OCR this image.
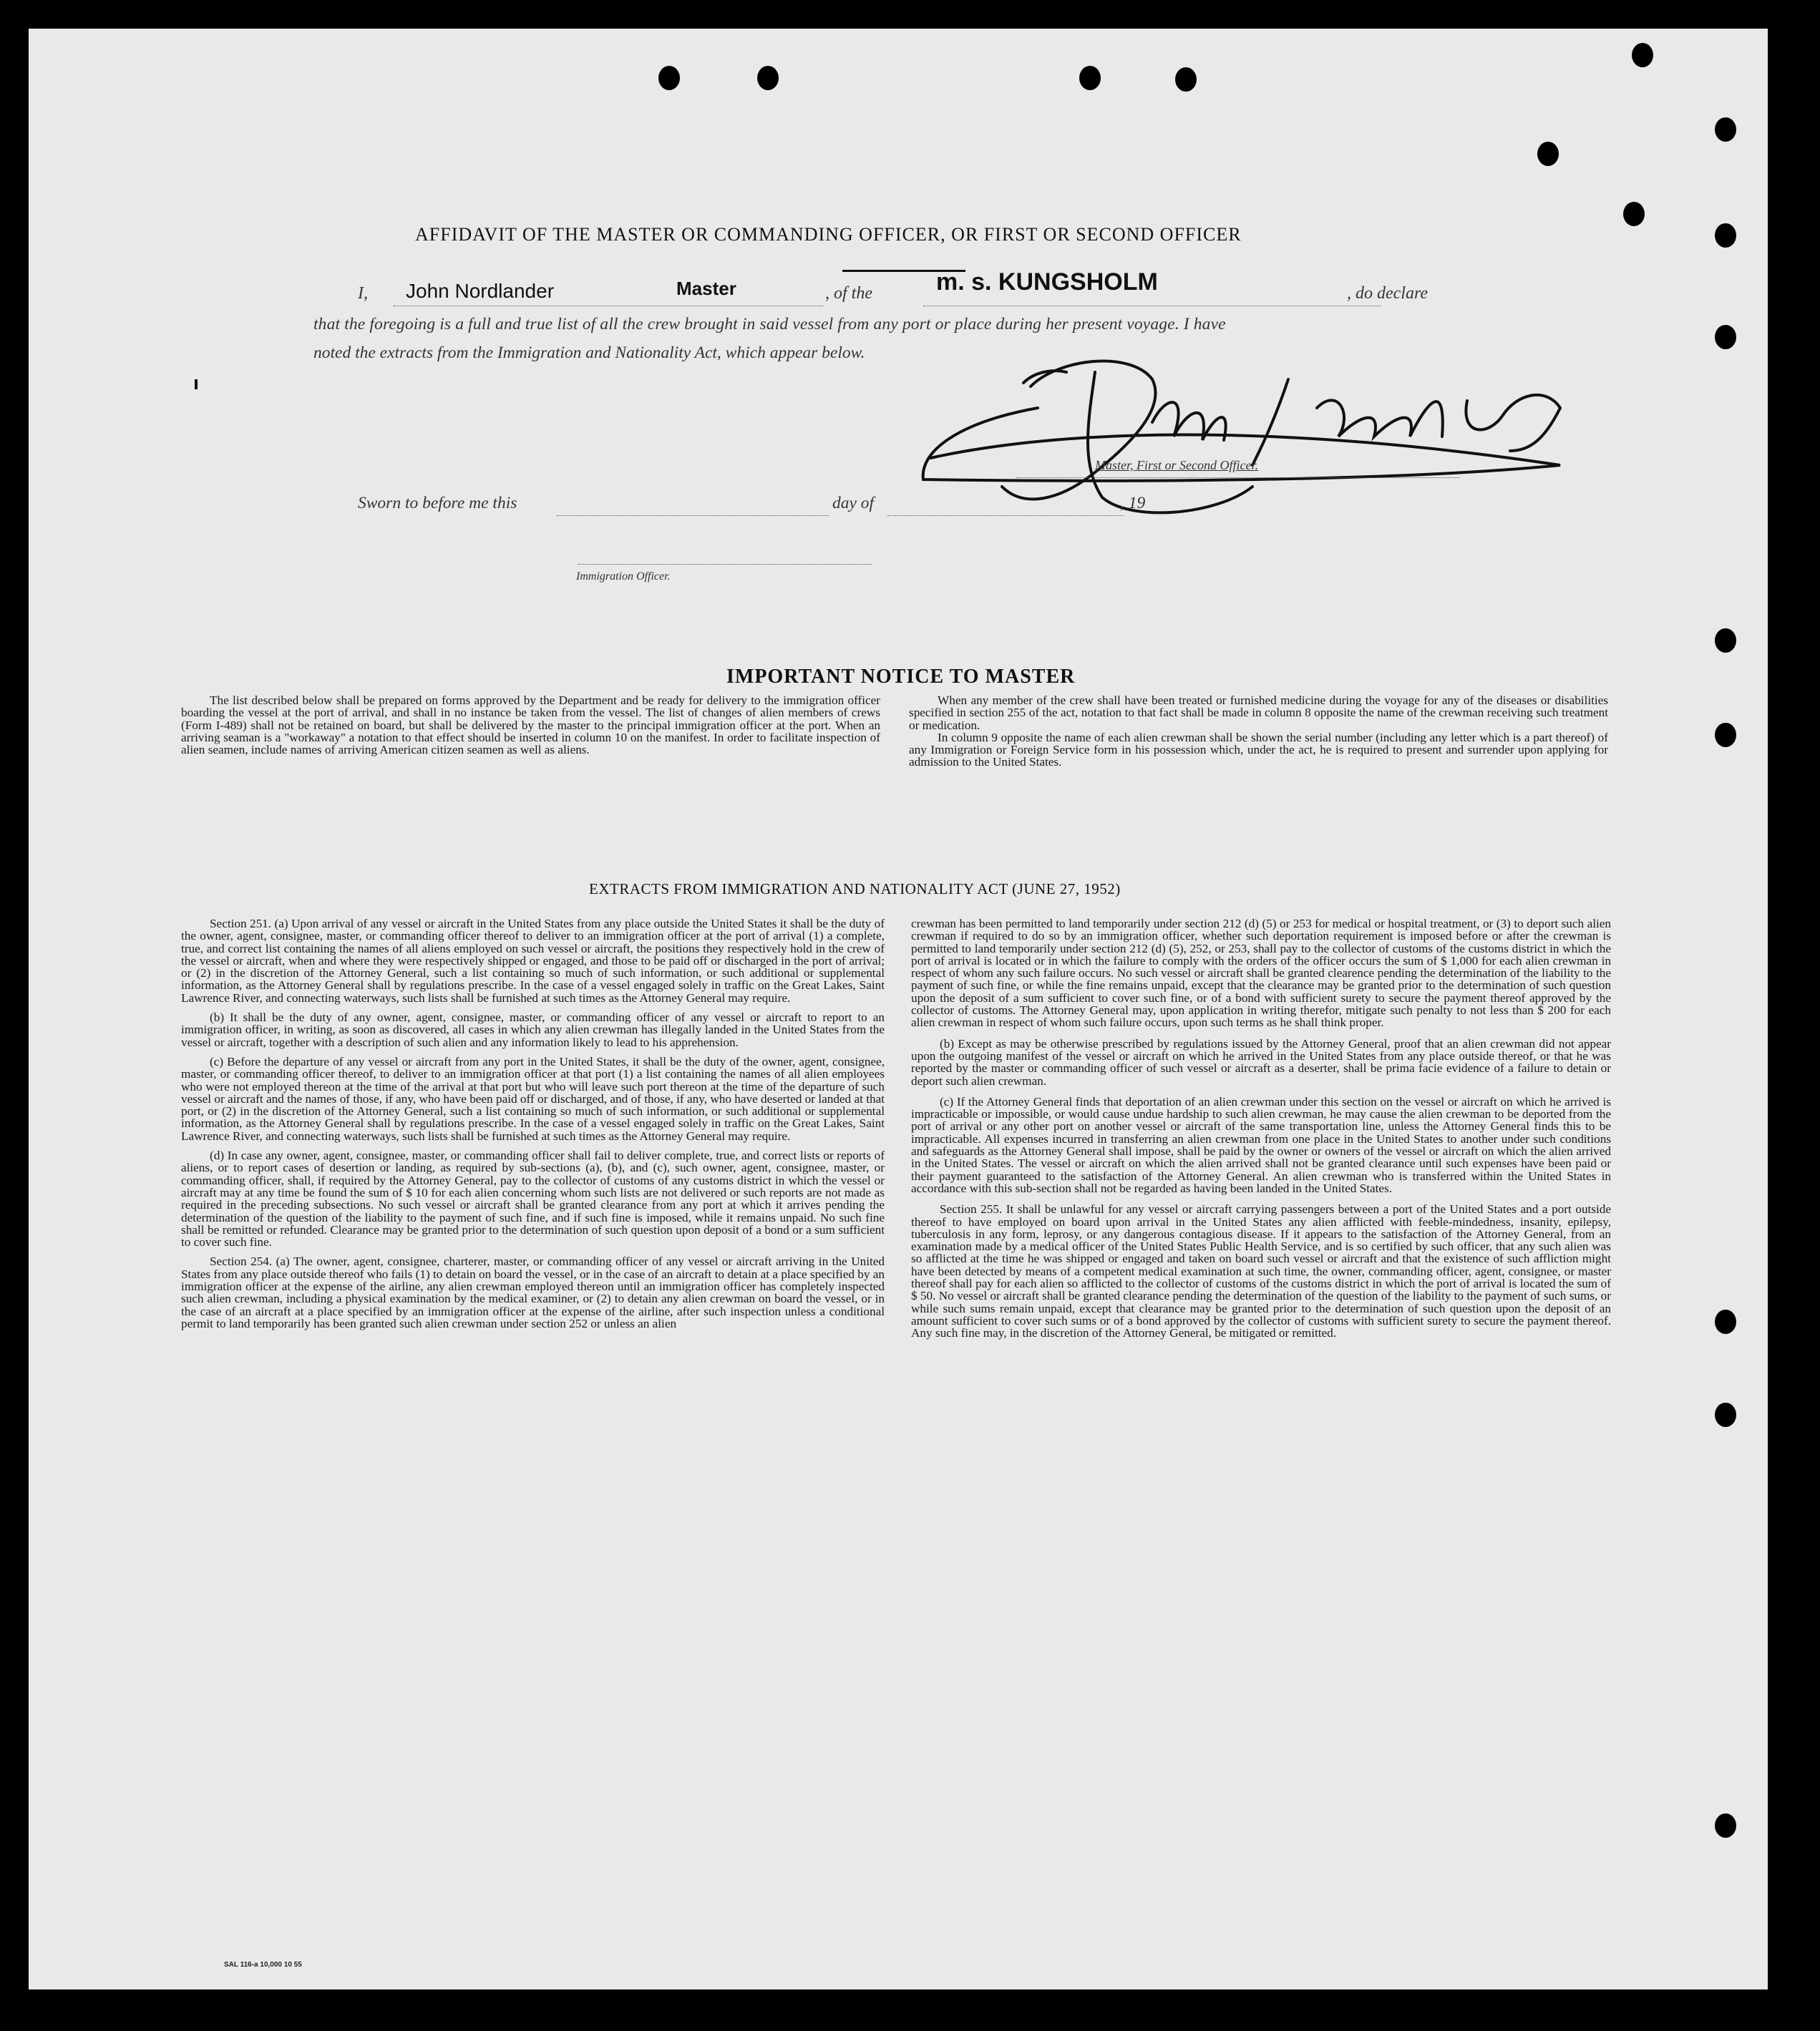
AFFIDAVIT OF THE MASTER OR COMMANDING OFFICER, OR FIRST OR SECOND OFFICER
I, John Nordlander	Master	, of the	m. s. KUNGSHOLM	, do declare
that the foregoing is a full and true list of all the crew brought in said vessel from any port or place during her present voyage. I have
noted the extracts from the Immigration and Nationality Act, which appear below.
Master, First or Second Officer.
Sworn to before me this	day of	, 19
Immigration Officer.
IMPORTANT NOTICE TO MASTER

The list described below shall be prepared on forms approved by the Department and be ready for delivery to the immigration officer boarding the vessel at the port of arrival, and shall in no instance be taken from the vessel. The list of changes of alien members of crews (Form I-489) shall not be retained on board, but shall be delivered by the master to the principal immigration officer at the port. When an arriving seaman is a "workaway" a notation to that effect should be inserted in column 10 on the manifest. In order to facilitate inspection of alien seamen, include names of arriving American citizen seamen as well as aliens.

When any member of the crew shall have been treated or furnished medicine during the voyage for any of the diseases or disabilities specified in section 255 of the act, notation to that fact shall be made in column 8 opposite the name of the crewman receiving such treatment or medication.

In column 9 opposite the name of each alien crewman shall be shown the serial number (including any letter which is a part thereof) of any Immigration or Foreign Service form in his possession which, under the act, he is required to present and surrender upon applying for admission to the United States.

EXTRACTS FROM IMMIGRATION AND NATIONALITY ACT (JUNE 27, 1952)

Section 251. (a) Upon arrival of any vessel or aircraft in the United States from any place outside the United States it shall be the duty of the owner, agent, consignee, master, or commanding officer thereof to deliver to an immigration officer at the port of arrival (1) a complete, true, and correct list containing the names of all aliens employed on such vessel or aircraft, the positions they respectively hold in the crew of the vessel or aircraft, when and where they were respectively shipped or engaged, and those to be paid off or discharged in the port of arrival; or (2) in the discretion of the Attorney General, such a list containing so much of such information, or such additional or supplemental information, as the Attorney General shall by regulations prescribe. In the case of a vessel engaged solely in traffic on the Great Lakes, Saint Lawrence River, and connecting waterways, such lists shall be furnished at such times as the Attorney General may require.

(b) It shall be the duty of any owner, agent, consignee, master, or commanding officer of any vessel or aircraft to report to an immigration officer, in writing, as soon as discovered, all cases in which any alien crewman has illegally landed in the United States from the vessel or aircraft, together with a description of such alien and any information likely to lead to his apprehension.

(c) Before the departure of any vessel or aircraft from any port in the United States, it shall be the duty of the owner, agent, consignee, master, or commanding officer thereof, to deliver to an immigration officer at that port (1) a list containing the names of all alien employees who were not employed thereon at the time of the arrival at that port but who will leave such port thereon at the time of the departure of such vessel or aircraft and the names of those, if any, who have been paid off or discharged, and of those, if any, who have deserted or landed at that port, or (2) in the discretion of the Attorney General, such a list containing so much of such information, or such additional or supplemental information, as the Attorney General shall by regulations prescribe. In the case of a vessel engaged solely in traffic on the Great Lakes, Saint Lawrence River, and connecting waterways, such lists shall be furnished at such times as the Attorney General may require.

(d) In case any owner, agent, consignee, master, or commanding officer shall fail to deliver complete, true, and correct lists or reports of aliens, or to report cases of desertion or landing, as required by sub-sections (a), (b), and (c), such owner, agent, consignee, master, or commanding officer, shall, if required by the Attorney General, pay to the collector of customs of any customs district in which the vessel or aircraft may at any time be found the sum of $ 10 for each alien concerning whom such lists are not delivered or such reports are not made as required in the preceding subsections. No such vessel or aircraft shall be granted clearance from any port at which it arrives pending the determination of the question of the liability to the payment of such fine, and if such fine is imposed, while it remains unpaid. No such fine shall be remitted or refunded. Clearance may be granted prior to the determination of such question upon deposit of a bond or a sum sufficient to cover such fine.

Section 254. (a) The owner, agent, consignee, charterer, master, or commanding officer of any vessel or aircraft arriving in the United States from any place outside thereof who fails (1) to detain on board the vessel, or in the case of an aircraft to detain at a place specified by an immigration officer at the expense of the airline, any alien crewman employed thereon until an immigration officer has completely inspected such alien crewman, including a physical examination by the medical examiner, or (2) to detain any alien crewman on board the vessel, or in the case of an aircraft at a place specified by an immigration officer at the expense of the airline, after such inspection unless a conditional permit to land temporarily has been granted such alien crewman under section 252 or unless an alien

crewman has been permitted to land temporarily under section 212 (d) (5) or 253 for medical or hospital treatment, or (3) to deport such alien crewman if required to do so by an immigration officer, whether such deportation requirement is imposed before or after the crewman is permitted to land temporarily under section 212 (d) (5), 252, or 253, shall pay to the collector of customs of the customs district in which the port of arrival is located or in which the failure to comply with the orders of the officer occurs the sum of $ 1,000 for each alien crewman in respect of whom any such failure occurs. No such vessel or aircraft shall be granted clearence pending the determination of the liability to the payment of such fine, or while the fine remains unpaid, except that the clearance may be granted prior to the determination of such question upon the deposit of a sum sufficient to cover such fine, or of a bond with sufficient surety to secure the payment thereof approved by the collector of customs. The Attorney General may, upon application in writing therefor, mitigate such penalty to not less than $ 200 for each alien crewman in respect of whom such failure occurs, upon such terms as he shall think proper.

(b) Except as may be otherwise prescribed by regulations issued by the Attorney General, proof that an alien crewman did not appear upon the outgoing manifest of the vessel or aircraft on which he arrived in the United States from any place outside thereof, or that he was reported by the master or commanding officer of such vessel or aircraft as a deserter, shall be prima facie evidence of a failure to detain or deport such alien crewman.

(c) If the Attorney General finds that deportation of an alien crewman under this section on the vessel or aircraft on which he arrived is impracticable or impossible, or would cause undue hardship to such alien crewman, he may cause the alien crewman to be deported from the port of arrival or any other port on another vessel or aircraft of the same transportation line, unless the Attorney General finds this to be impracticable. All expenses incurred in transferring an alien crewman from one place in the United States to another under such conditions and safeguards as the Attorney General shall impose, shall be paid by the owner or owners of the vessel or aircraft on which the alien arrived in the United States. The vessel or aircraft on which the alien arrived shall not be granted clearance until such expenses have been paid or their payment guaranteed to the satisfaction of the Attorney General. An alien crewman who is transferred within the United States in accordance with this sub-section shall not be regarded as having been landed in the United States.

Section 255. It shall be unlawful for any vessel or aircraft carrying passengers between a port of the United States and a port outside thereof to have employed on board upon arrival in the United States any alien afflicted with feeble-mindedness, insanity, epilepsy, tuberculosis in any form, leprosy, or any dangerous contagious disease. If it appears to the satisfaction of the Attorney General, from an examination made by a medical officer of the United States Public Health Service, and is so certified by such officer, that any such alien was so afflicted at the time he was shipped or engaged and taken on board such vessel or aircraft and that the existence of such affliction might have been detected by means of a competent medical examination at such time, the owner, commanding officer, agent, consignee, or master thereof shall pay for each alien so afflicted to the collector of customs of the customs district in which the port of arrival is located the sum of $ 50. No vessel or aircraft shall be granted clearance pending the determination of the question of the liability to the payment of such sums, or while such sums remain unpaid, except that clearance may be granted prior to the determination of such question upon the deposit of an amount sufficient to cover such sums or of a bond approved by the collector of customs with sufficient surety to secure the payment thereof. Any such fine may, in the discretion of the Attorney General, be mitigated or remitted.

SAL 116-a 10,000 10 55
